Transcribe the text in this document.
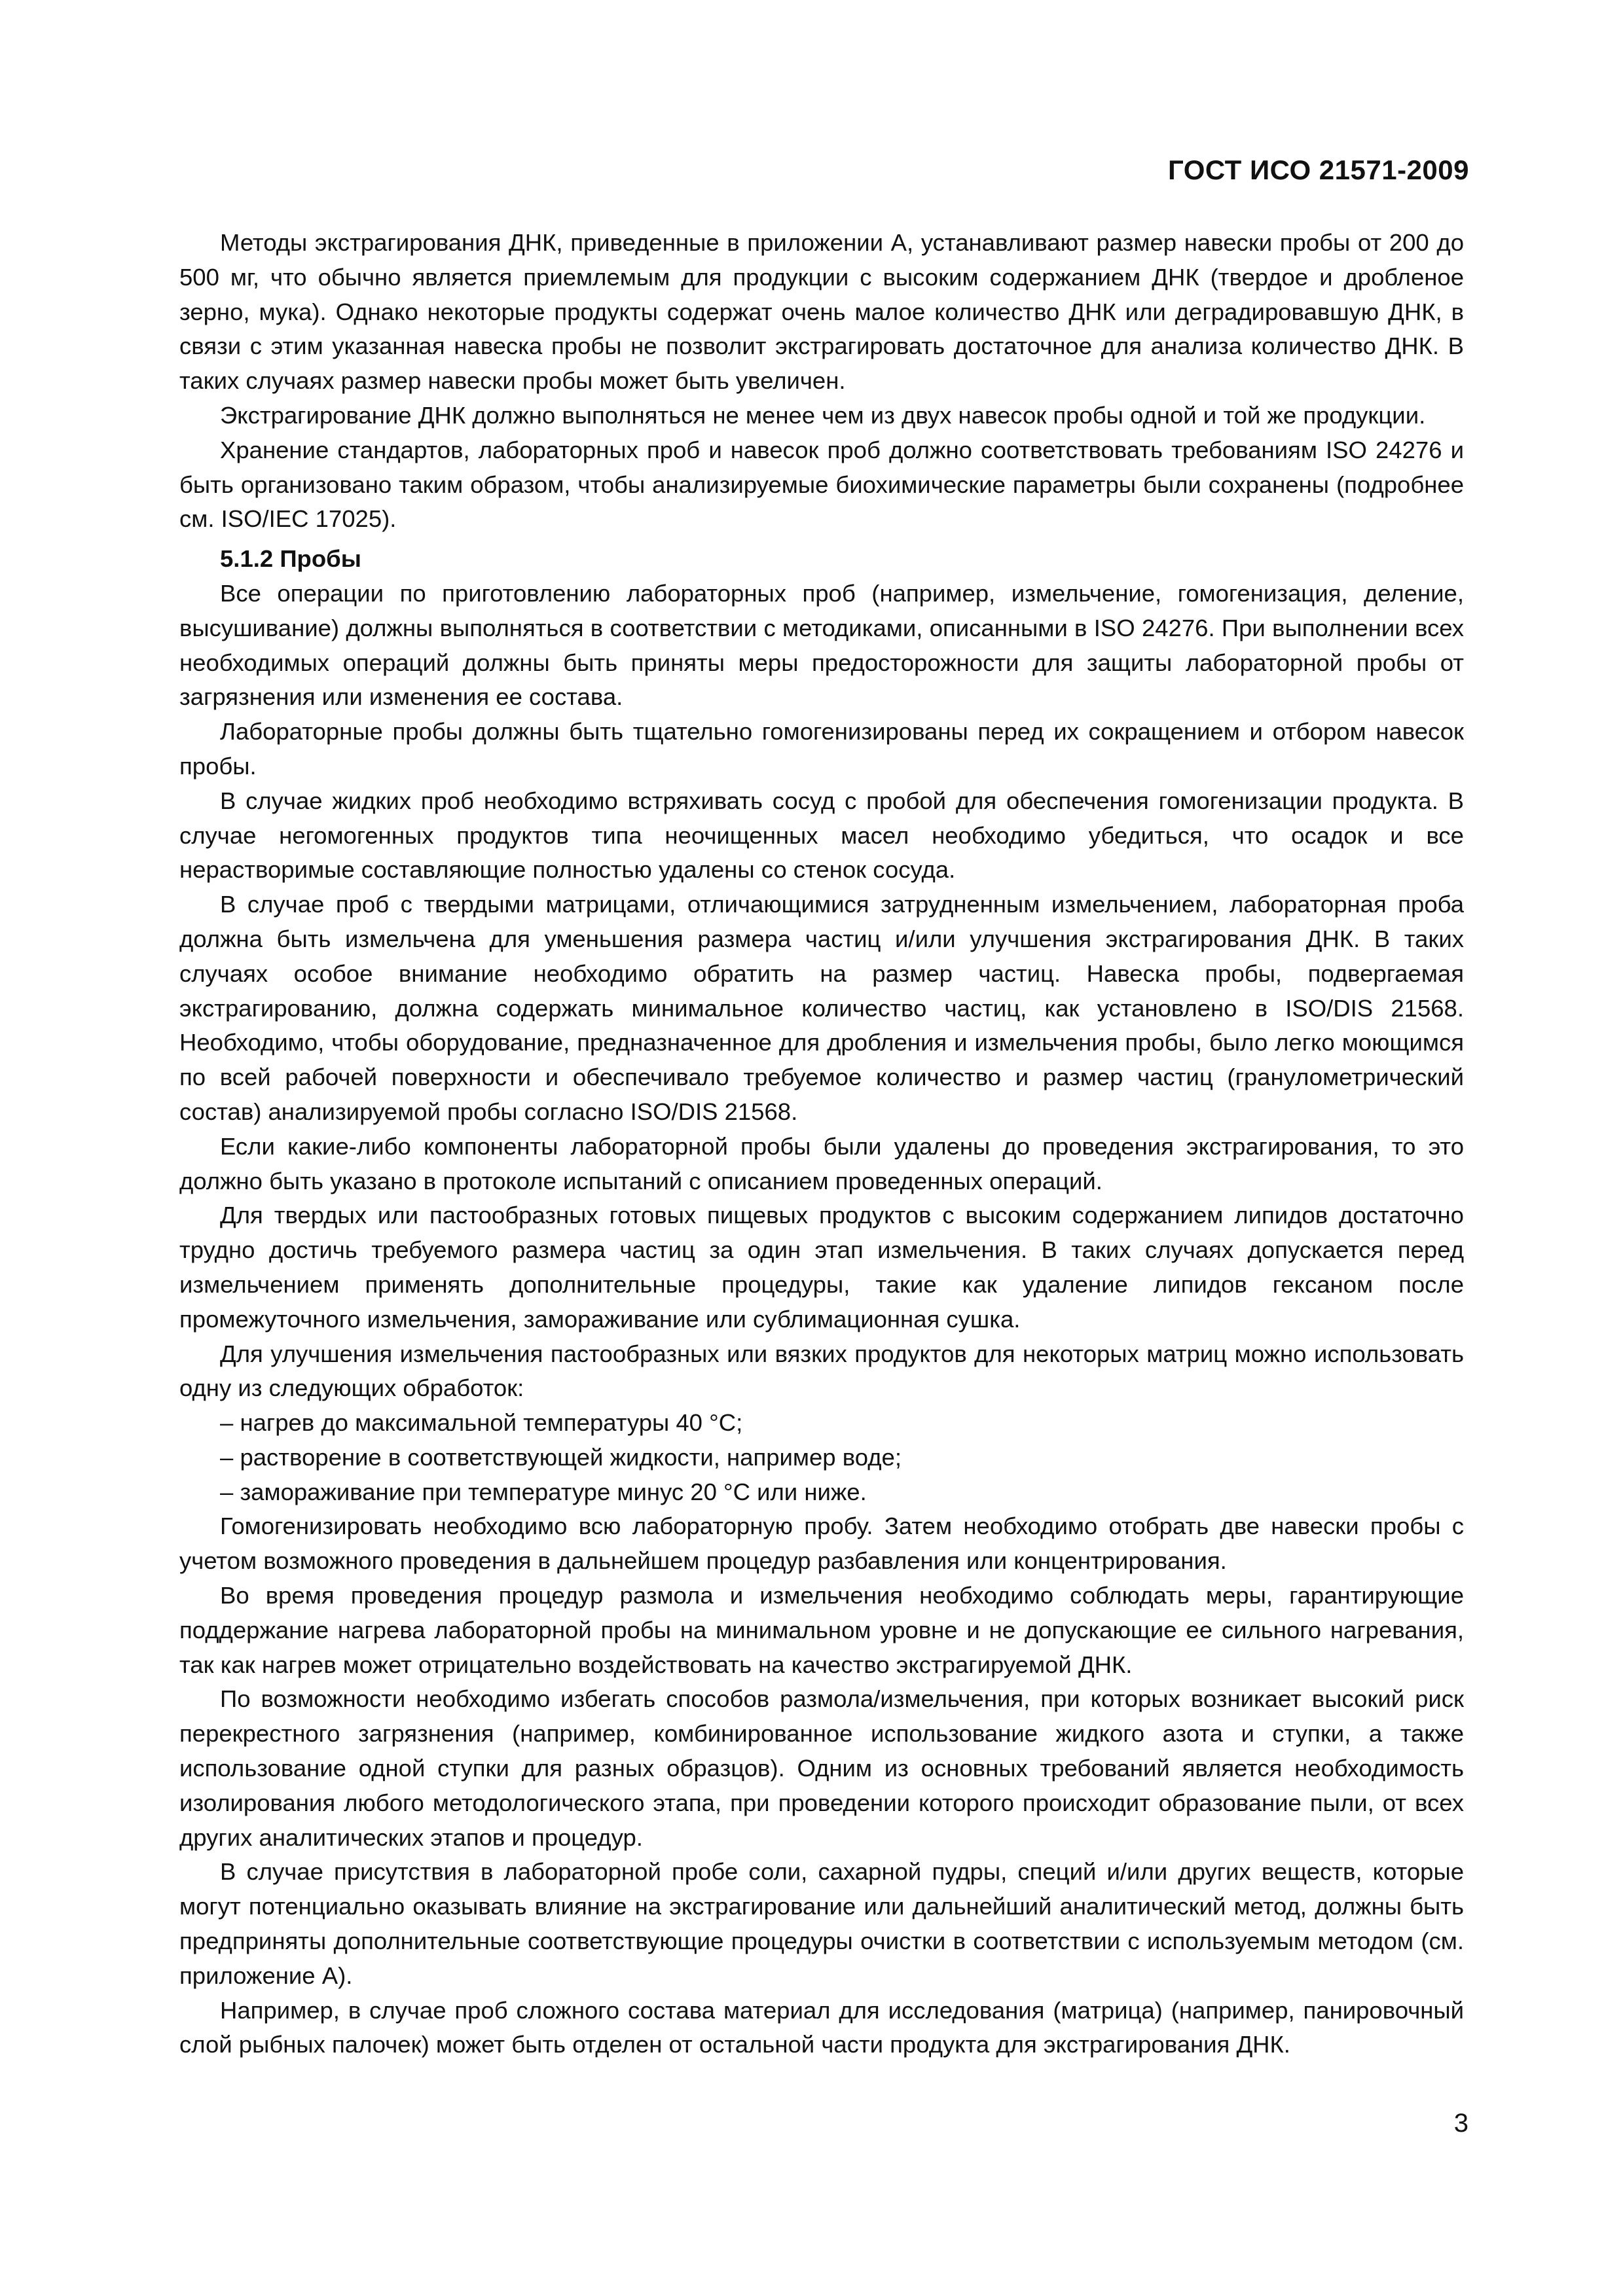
ГОСТ ИСО 21571-2009

Методы экстрагирования ДНК, приведенные в приложении А, устанавливают размер навески пробы от 200 до 500 мг, что обычно является приемлемым для продукции с высоким содержанием ДНК (твердое и дробленое зерно, мука). Однако некоторые продукты содержат очень малое количество ДНК или деградировавшую ДНК, в связи с этим указанная навеска пробы не позволит экстрагировать достаточное для анализа количество ДНК. В таких случаях размер навески пробы может быть увеличен.

Экстрагирование ДНК должно выполняться не менее чем из двух навесок пробы одной и той же продукции.

Хранение стандартов, лабораторных проб и навесок проб должно соответствовать требованиям ISO 24276 и быть организовано таким образом, чтобы анализируемые биохимические параметры были сохранены (подробнее см. ISO/IEC 17025).

5.1.2 Пробы

Все операции по приготовлению лабораторных проб (например, измельчение, гомогенизация, деление, высушивание) должны выполняться в соответствии с методиками, описанными в ISO 24276. При выполнении всех необходимых операций должны быть приняты меры предосторожности для защиты лабораторной пробы от загрязнения или изменения ее состава.

Лабораторные пробы должны быть тщательно гомогенизированы перед их сокращением и отбором навесок пробы.

В случае жидких проб необходимо встряхивать сосуд с пробой для обеспечения гомогенизации продукта. В случае негомогенных продуктов типа неочищенных масел необходимо убедиться, что осадок и все нерастворимые составляющие полностью удалены со стенок сосуда.

В случае проб с твердыми матрицами, отличающимися затрудненным измельчением, лабораторная проба должна быть измельчена для уменьшения размера частиц и/или улучшения экстрагирования ДНК. В таких случаях особое внимание необходимо обратить на размер частиц. Навеска пробы, подвергаемая экстрагированию, должна содержать минимальное количество частиц, как установлено в ISO/DIS 21568. Необходимо, чтобы оборудование, предназначенное для дробления и измельчения пробы, было легко моющимся по всей рабочей поверхности и обеспечивало требуемое количество и размер частиц (гранулометрический состав) анализируемой пробы согласно ISO/DIS 21568.

Если какие-либо компоненты лабораторной пробы были удалены до проведения экстрагирования, то это должно быть указано в протоколе испытаний с описанием проведенных операций.

Для твердых или пастообразных готовых пищевых продуктов с высоким содержанием липидов достаточно трудно достичь требуемого размера частиц за один этап измельчения. В таких случаях допускается перед измельчением применять дополнительные процедуры, такие как удаление липидов гексаном после промежуточного измельчения, замораживание или сублимационная сушка.

Для улучшения измельчения пастообразных или вязких продуктов для некоторых матриц можно использовать одну из следующих обработок:

– нагрев до максимальной температуры 40 °С;
– растворение в соответствующей жидкости, например воде;
– замораживание при температуре минус 20 °С или ниже.

Гомогенизировать необходимо всю лабораторную пробу. Затем необходимо отобрать две навески пробы с учетом возможного проведения в дальнейшем процедур разбавления или концентрирования.

Во время проведения процедур размола и измельчения необходимо соблюдать меры, гарантирующие поддержание нагрева лабораторной пробы на минимальном уровне и не допускающие ее сильного нагревания, так как нагрев может отрицательно воздействовать на качество экстрагируемой ДНК.

По возможности необходимо избегать способов размола/измельчения, при которых возникает высокий риск перекрестного загрязнения (например, комбинированное использование жидкого азота и ступки, а также использование одной ступки для разных образцов). Одним из основных требований является необходимость изолирования любого методологического этапа, при проведении которого происходит образование пыли, от всех других аналитических этапов и процедур.

В случае присутствия в лабораторной пробе соли, сахарной пудры, специй и/или других веществ, которые могут потенциально оказывать влияние на экстрагирование или дальнейший аналитический метод, должны быть предприняты дополнительные соответствующие процедуры очистки в соответствии с используемым методом (см. приложение А).

Например, в случае проб сложного состава материал для исследования (матрица) (например, панировочный слой рыбных палочек) может быть отделен от остальной части продукта для экстрагирования ДНК.

3
